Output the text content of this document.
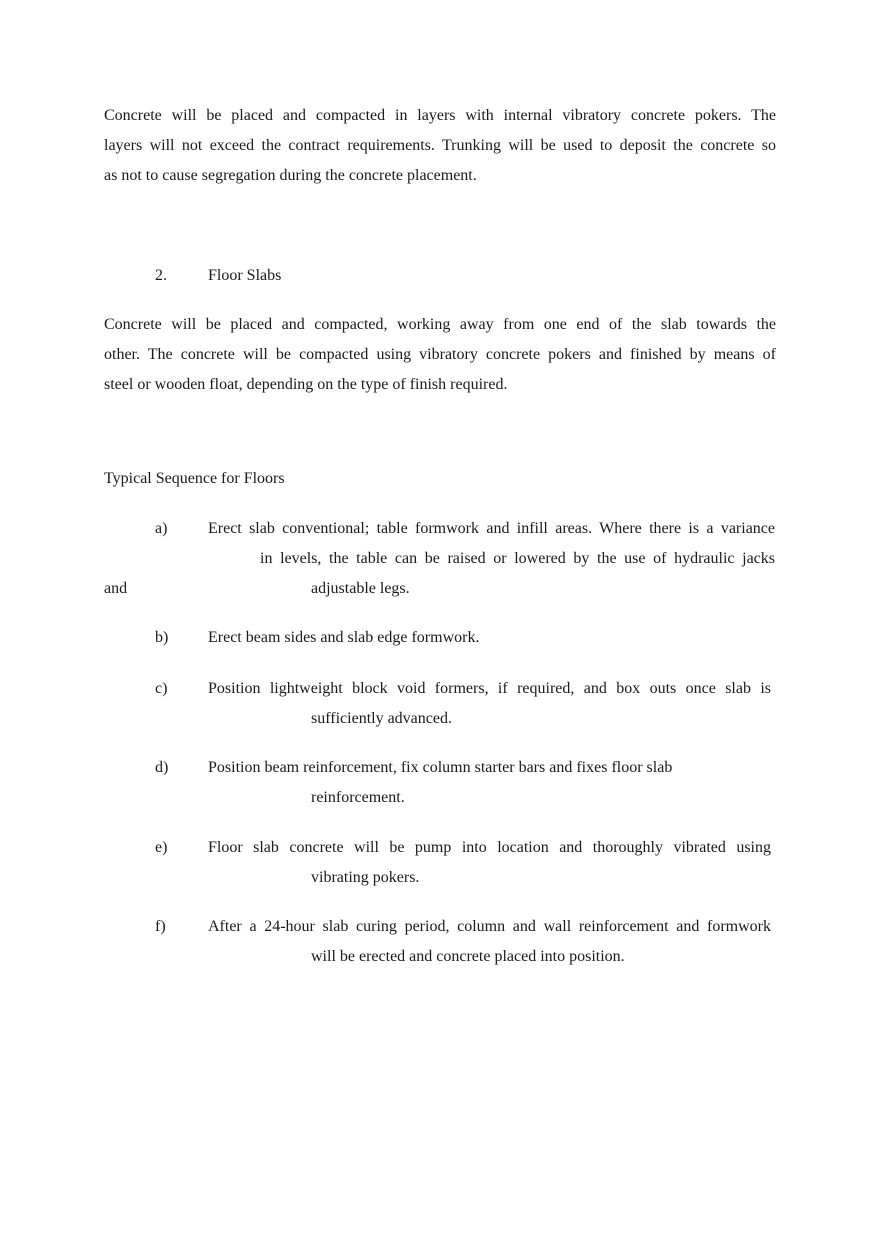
Concrete will be placed and compacted in layers with internal vibratory concrete pokers. The
layers will not exceed the contract requirements. Trunking will be used to deposit the concrete so
as not to cause segregation during the concrete placement.
2.	Floor Slabs
Concrete will be placed and compacted, working away from one end of the slab towards the
other. The concrete will be compacted using vibratory concrete pokers and finished by means of
steel or wooden float, depending on the type of finish required.
Typical Sequence for Floors
a)	Erect slab conventional; table formwork and infill areas. Where there is a variance
in levels, the table can be raised or lowered by the use of hydraulic jacks
and	adjustable legs.
b) Erect beam sides and slab edge formwork.
c)	Position lightweight block void formers, if required, and box outs once slab is
sufficiently advanced.
d) Position beam reinforcement, fix column starter bars and fixes floor slab
reinforcement.
e)	Floor slab concrete will be pump into location and thoroughly vibrated using
vibrating pokers.
f)	After a 24-hour slab curing period, column and wall reinforcement and formwork
will be erected and concrete placed into position.
